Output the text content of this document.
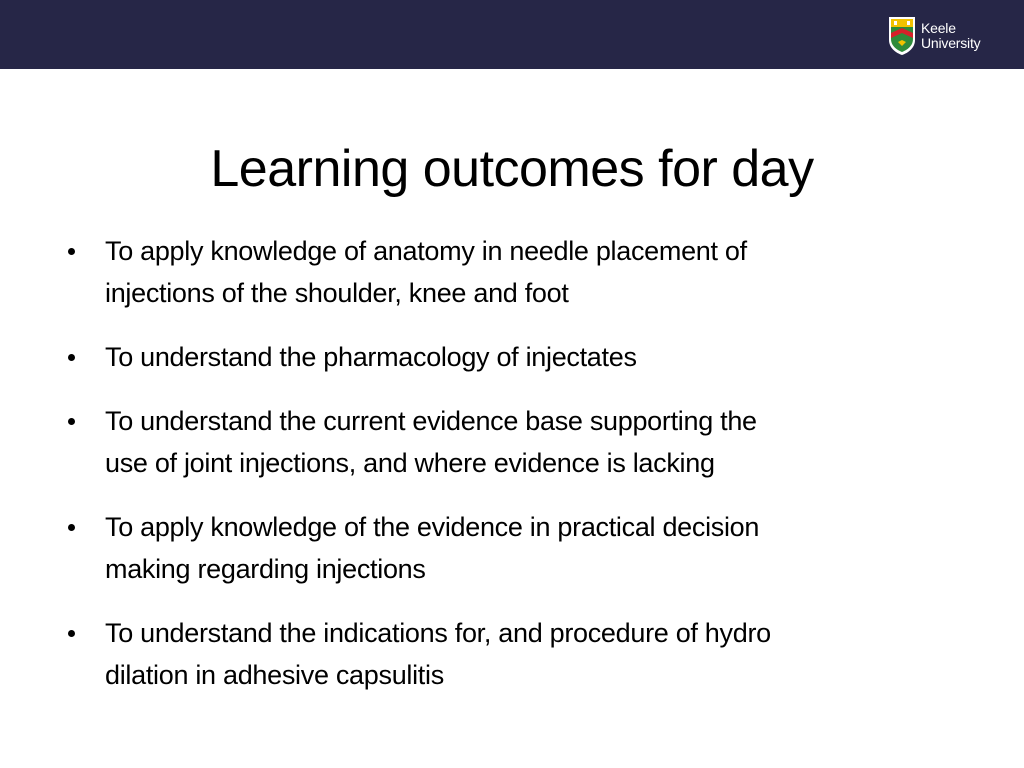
Keele
University
Learning outcomes for day
To apply knowledge of anatomy in needle placement of
injections of the shoulder, knee and foot
To understand the pharmacology of injectates
To understand the current evidence base supporting the
use of joint injections, and where evidence is lacking
To apply knowledge of the evidence in practical decision
making regarding injections
To understand the indications for, and procedure of hydro
dilation in adhesive capsulitis
